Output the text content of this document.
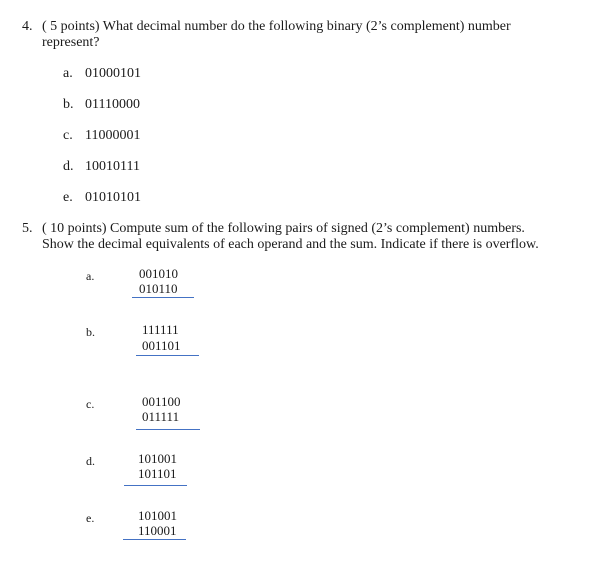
4. ( 5 points) What decimal number do the following binary (2’s complement) number
represent?
a. 01000101
b. 01110000
c. 11000001
d. 10010111
e. 01010101
5. ( 10 points) Compute sum of the following pairs of signed (2’s complement) numbers.
Show the decimal equivalents of each operand and the sum. Indicate if there is overflow.
a.	001010
010110
b.	111111
001101
c.	001100
011111
d.	101001
101101
e.	101001
110001
